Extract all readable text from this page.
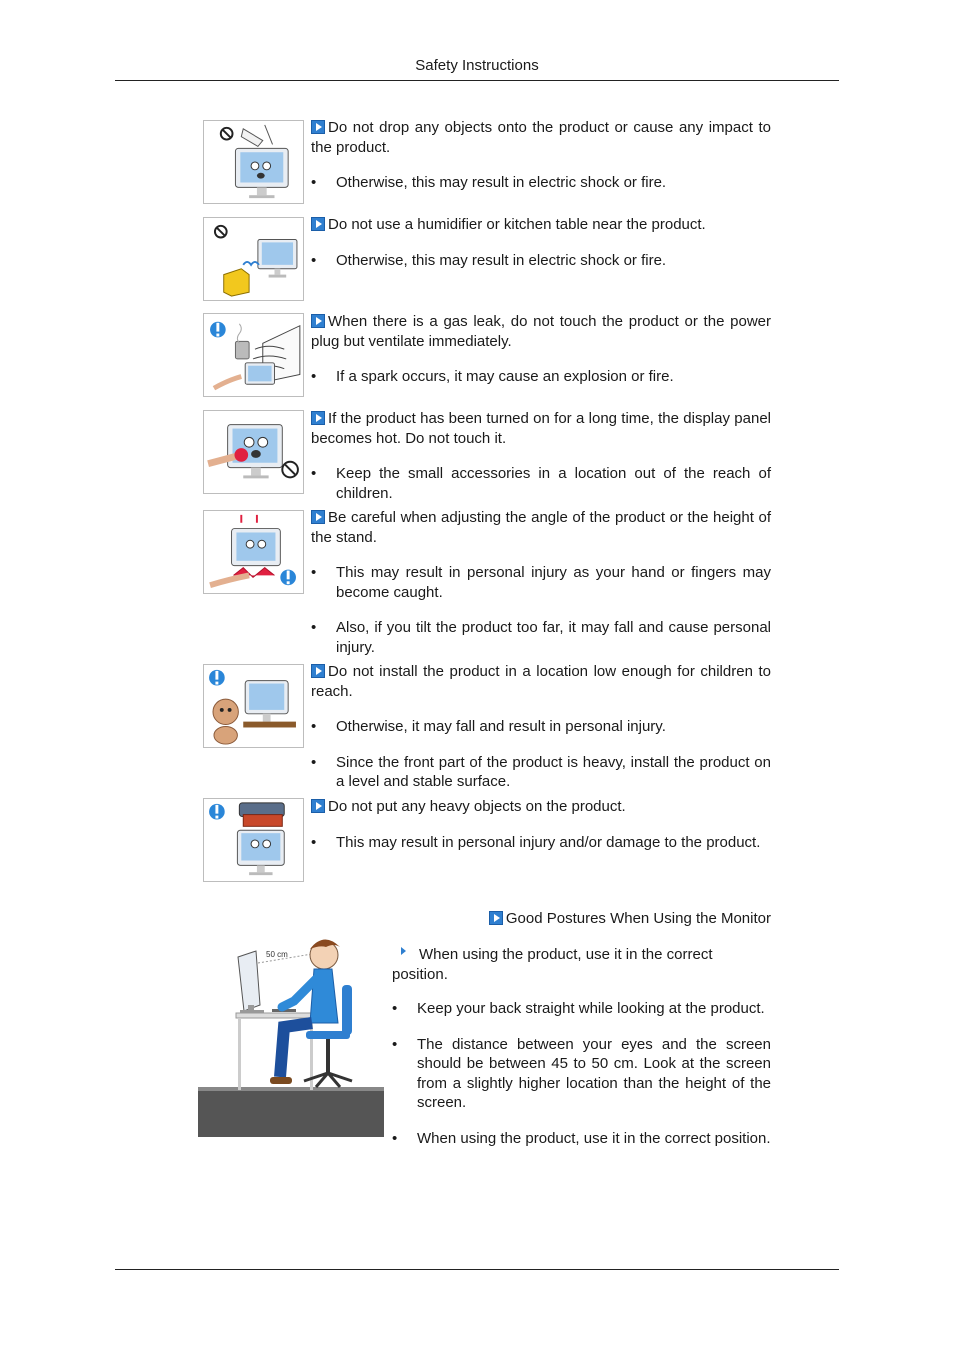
Safety Instructions
Do not drop any objects onto the product or cause any impact to the product.
• Otherwise, this may result in electric shock or fire.
Do not use a humidifier or kitchen table near the product.
• Otherwise, this may result in electric shock or fire.
When there is a gas leak, do not touch the product or the power plug but ventilate immediately.
• If a spark occurs, it may cause an explosion or fire.
If the product has been turned on for a long time, the display panel becomes hot. Do not touch it.
• Keep the small accessories in a location out of the reach of children.
Be careful when adjusting the angle of the product or the height of the stand.
• This may result in personal injury as your hand or fingers may become caught.
• Also, if you tilt the product too far, it may fall and cause personal injury.
Do not install the product in a location low enough for children to reach.
• Otherwise, it may fall and result in personal injury.
• Since the front part of the product is heavy, install the product on a level and stable surface.
Do not put any heavy objects on the product.
• This may result in personal injury and/or damage to the product.
Good Postures When Using the Monitor
50 cm	When using the product, use it in the correct position.
• Keep your back straight while looking at the product.
• The distance between your eyes and the screen should be between 45 to 50 cm. Look at the screen from a slightly higher location than the height of the screen.
• When using the product, use it in the correct position.
